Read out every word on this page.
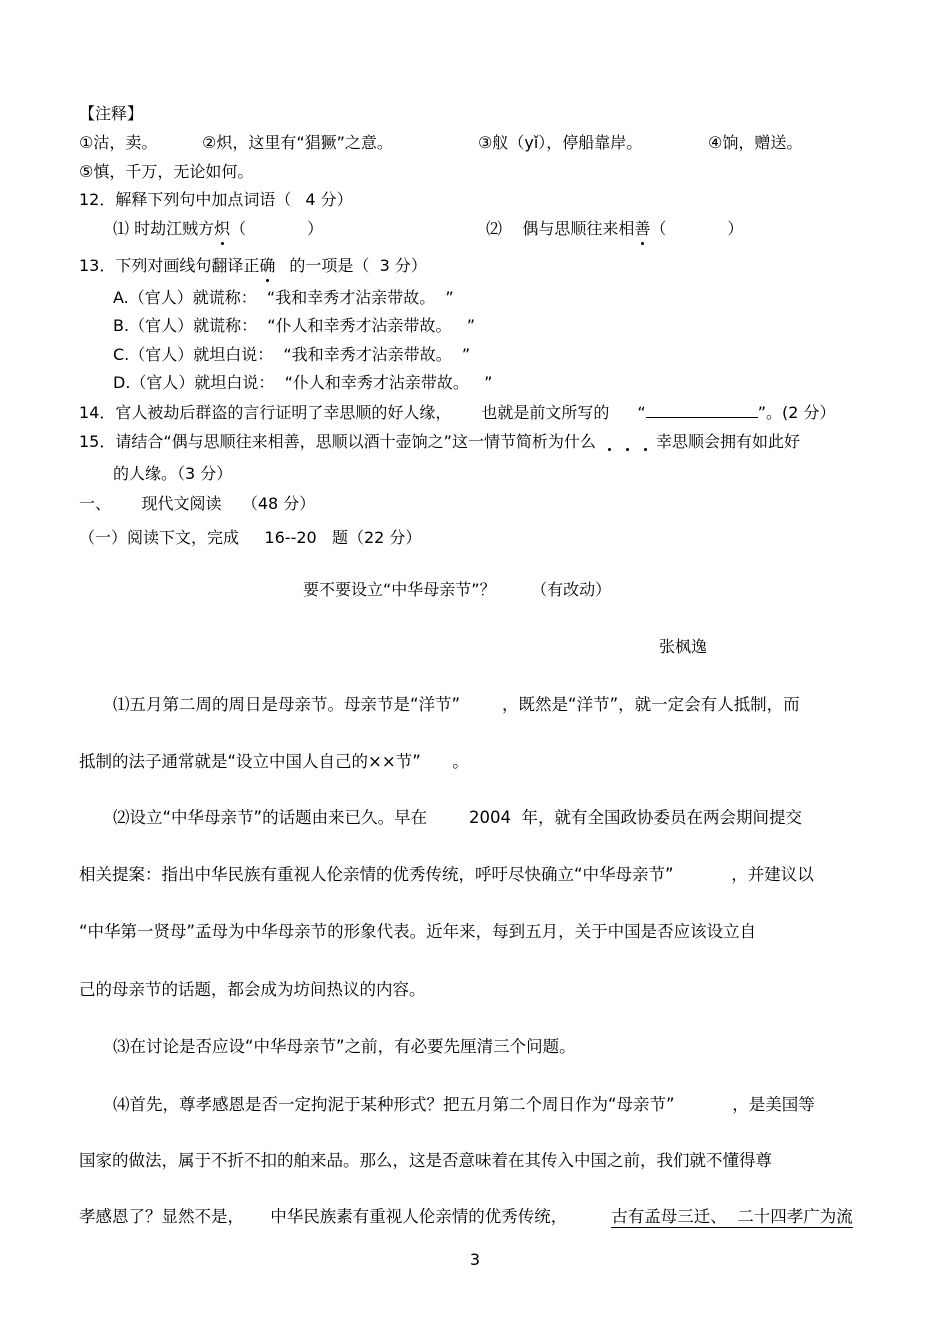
【注释】
①沽，卖。	②炽，这里有“猖獗”之意。	③舣（yǐ），停船靠岸。	④饷，赠送。
⑤慎，千万，无论如何。
12．解释下列句中加点词语（ 4 分）
⑴ 时劫江贼方炽（            ）	⑵    偶与思顺往来相善（            ）
13．下列对画线句翻译正确 的一项是（  3 分）
A.（官人）就谎称：  “我和幸秀才沾亲带故。  ”
B.（官人）就谎称：  “仆人和幸秀才沾亲带故。   ”
C.（官人）就坦白说：  “我和幸秀才沾亲带故。  ”
D.（官人）就坦白说：  “仆人和幸秀才沾亲带故。   ”
14．官人被劫后群盗的言行证明了幸思顺的好人缘， 也就是前文所写的 “	”。(2 分）
15．请结合“偶与思顺往来相善，思顺以酒十壶饷之”这一情节简析为什么	幸思顺会拥有如此好
的人缘。（3 分）
一、      现代文阅读    （48 分）
（一）阅读下文，完成     16--20   题（22 分）
要不要设立“中华母亲节”？       （有改动）
张枫逸
⑴五月第二周的周日是母亲节。母亲节是“洋节”        ，既然是“洋节”，就一定会有人抵制，而
抵制的法子通常就是“设立中国人自己的××节”      。
⑵设立“中华母亲节”的话题由来已久。早在        2004  年，就有全国政协委员在两会期间提交
相关提案：指出中华民族有重视人伦亲情的优秀传统，呼吁尽快确立“中华母亲节”           ，并建议以
“中华第一贤母”孟母为中华母亲节的形象代表。近年来，每到五月，关于中国是否应该设立自
己的母亲节的话题，都会成为坊间热议的内容。
⑶在讨论是否应设“中华母亲节”之前，有必要先厘清三个问题。
⑷首先，尊孝感恩是否一定拘泥于某种形式？把五月第二个周日作为“母亲节”           ，是美国等
国家的做法，属于不折不扣的舶来品。那么，这是否意味着在其传入中国之前，我们就不懂得尊
孝感恩了？显然不是，     中华民族素有重视人伦亲情的优秀传统，	古有孟母三迁、  二十四孝广为流
3
